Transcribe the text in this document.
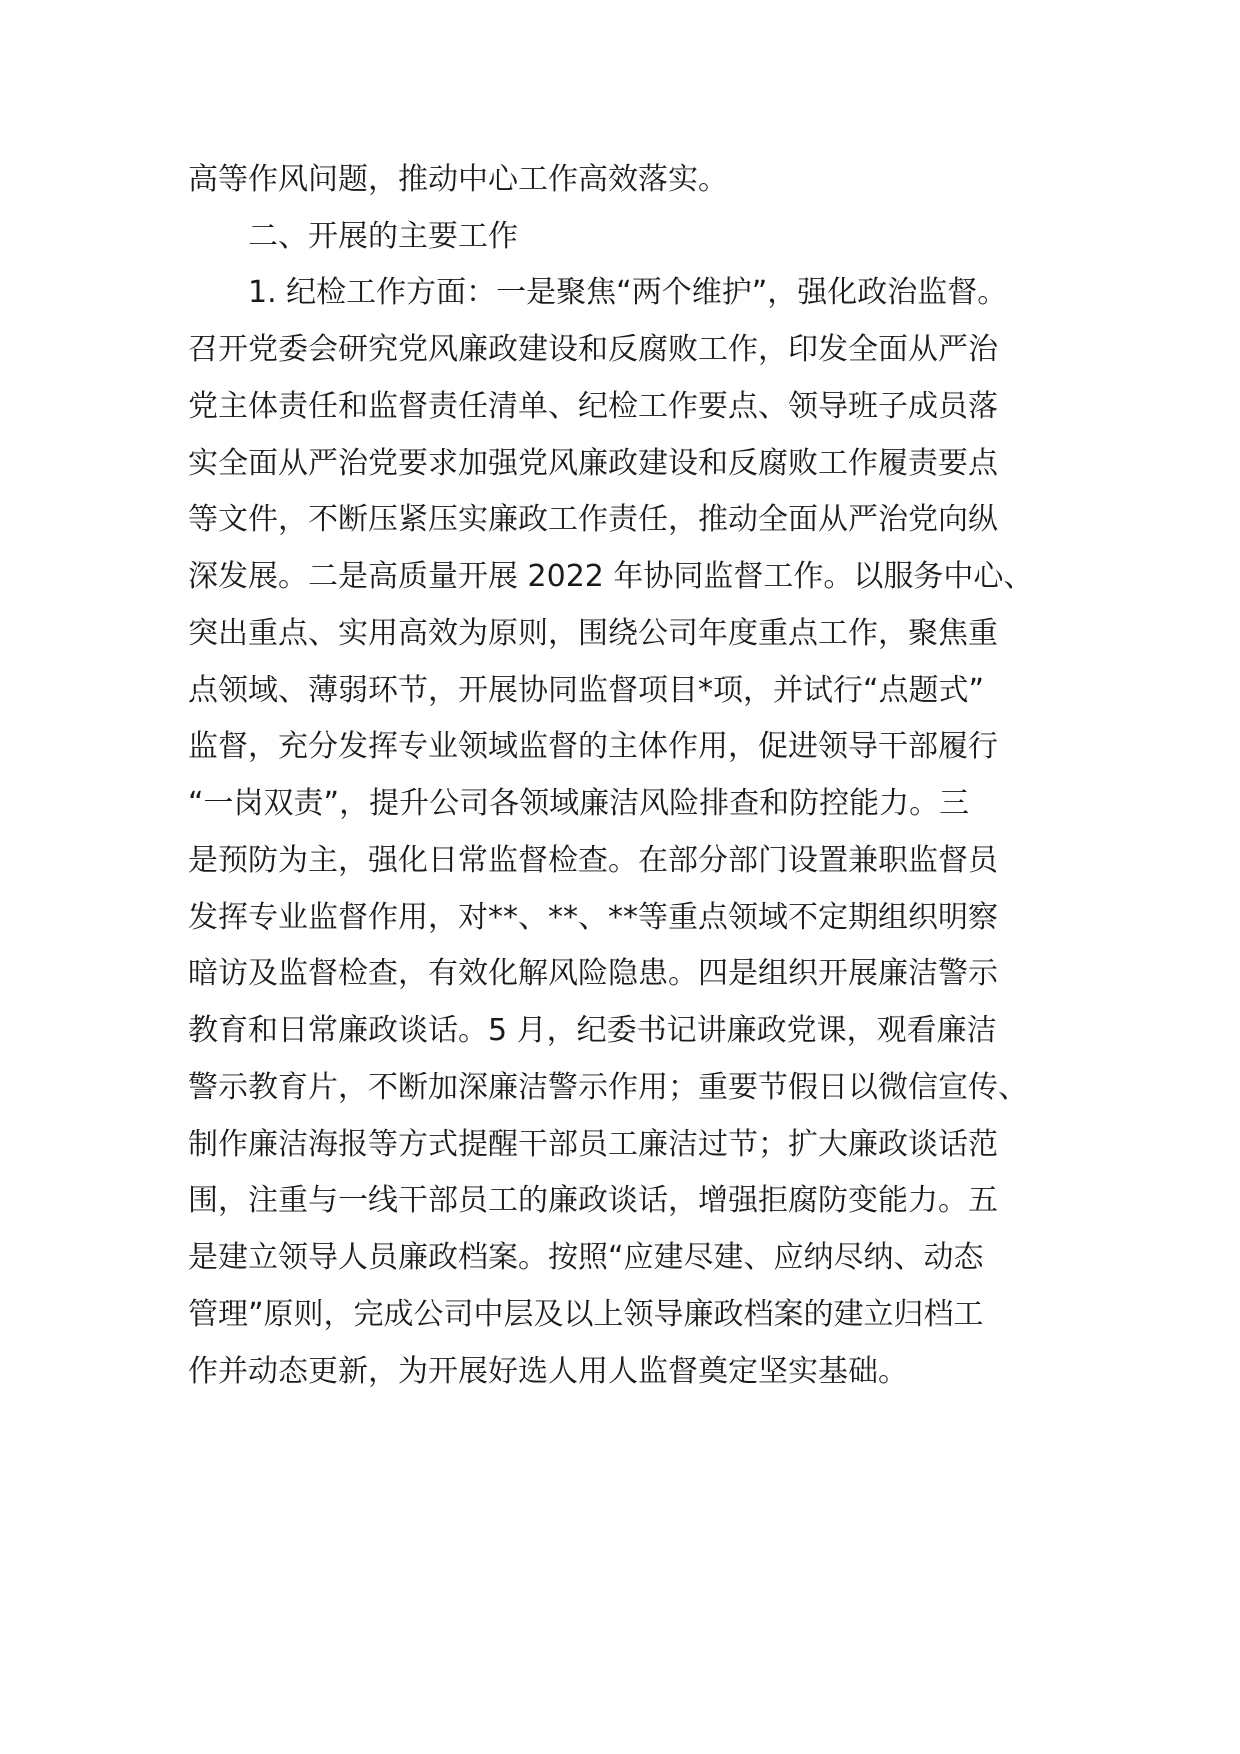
高等作风问题，推动中心工作高效落实。
二、开展的主要工作
1. 纪检工作方面：一是聚焦“两个维护”，强化政治监督。
召开党委会研究党风廉政建设和反腐败工作，印发全面从严治
党主体责任和监督责任清单、纪检工作要点、领导班子成员落
实全面从严治党要求加强党风廉政建设和反腐败工作履责要点
等文件，不断压紧压实廉政工作责任，推动全面从严治党向纵
深发展。二是高质量开展 2022 年协同监督工作。以服务中心、
突出重点、实用高效为原则，围绕公司年度重点工作，聚焦重
点领域、薄弱环节，开展协同监督项目*项，并试行“点题式”
监督，充分发挥专业领域监督的主体作用，促进领导干部履行
“一岗双责”，提升公司各领域廉洁风险排查和防控能力。三
是预防为主，强化日常监督检查。在部分部门设置兼职监督员
发挥专业监督作用，对**、**、**等重点领域不定期组织明察
暗访及监督检查，有效化解风险隐患。四是组织开展廉洁警示
教育和日常廉政谈话。5 月，纪委书记讲廉政党课，观看廉洁
警示教育片，不断加深廉洁警示作用；重要节假日以微信宣传、
制作廉洁海报等方式提醒干部员工廉洁过节；扩大廉政谈话范
围，注重与一线干部员工的廉政谈话，增强拒腐防变能力。五
是建立领导人员廉政档案。按照“应建尽建、应纳尽纳、动态
管理”原则，完成公司中层及以上领导廉政档案的建立归档工
作并动态更新，为开展好选人用人监督奠定坚实基础。
